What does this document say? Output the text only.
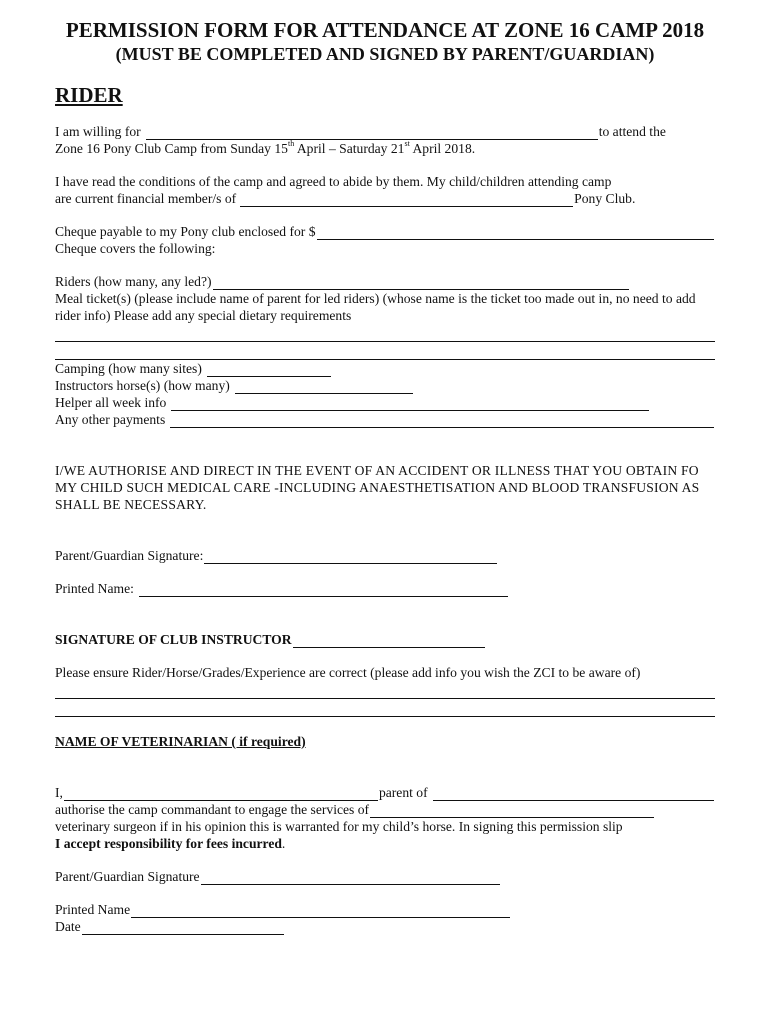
PERMISSION FORM FOR ATTENDANCE AT ZONE 16 CAMP 2018

(MUST BE COMPLETED AND SIGNED BY PARENT/GUARDIAN)

RIDER

I am willing for	to attend the

Zone 16 Pony Club Camp from Sunday 15th April – Saturday 21st April 2018.

I have read the conditions of the camp and agreed to abide by them. My child/children attending camp

are current financial member/s of	Pony Club.
Cheque payable to my Pony club enclosed for $

Cheque covers the following:

Riders (how many, any led?)

Meal ticket(s) (please include name of parent for led riders) (whose name is the ticket too made out in, no need to add rider info) Please add any special dietary requirements

Camping (how many sites)
Instructors horse(s) (how many)
Helper all week info
Any other payments

I/WE AUTHORISE AND DIRECT IN THE EVENT OF AN ACCIDENT OR ILLNESS THAT YOU OBTAIN FO MY CHILD SUCH MEDICAL CARE -INCLUDING ANAESTHETISATION AND BLOOD TRANSFUSION AS SHALL BE NECESSARY.

Parent/Guardian Signature:
Printed Name:
SIGNATURE OF CLUB INSTRUCTOR

Please ensure Rider/Horse/Grades/Experience are correct (please add info you wish the ZCI to be aware of)

NAME OF VETERINARIAN ( if required)

I,	parent of
authorise the camp commandant to engage the services of

veterinary surgeon if in his opinion this is warranted for my child’s horse. In signing this permission slip

I accept responsibility for fees incurred.

Parent/Guardian Signature
Printed Name
Date
